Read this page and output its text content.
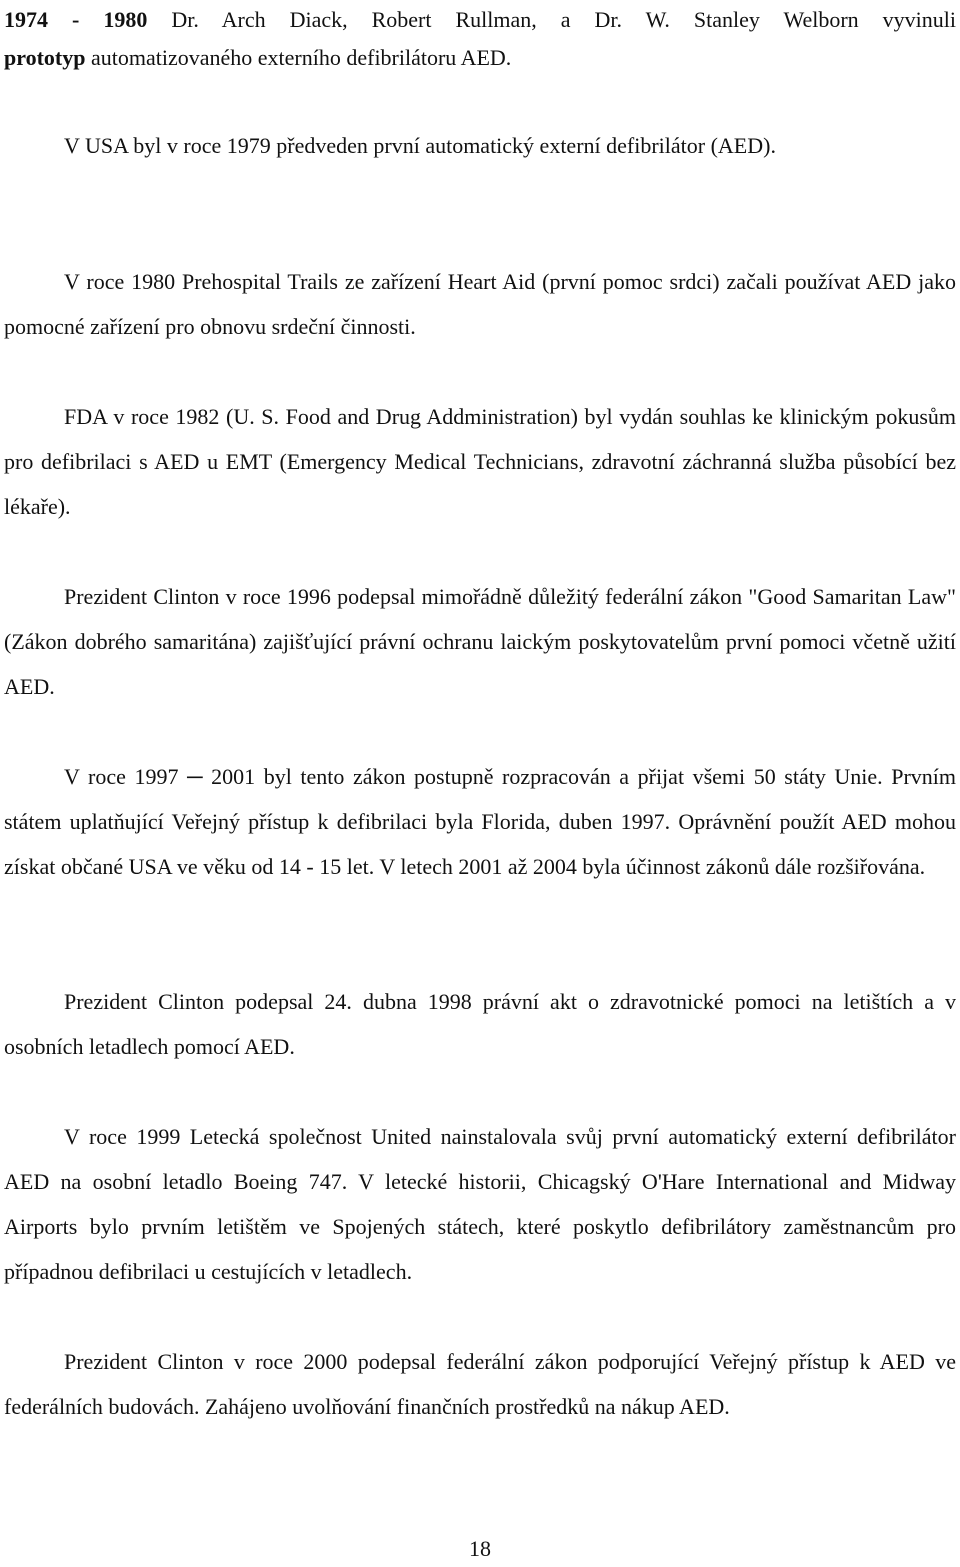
1974 - 1980 Dr. Arch Diack, Robert Rullman, a Dr. W. Stanley Welborn vyvinuli

prototyp automatizovaného externího defibrilátoru AED.

V USA byl v roce 1979 předveden první automatický externí defibrilátor (AED).

V roce 1980 Prehospital Trails ze zařízení Heart Aid (první pomoc srdci) začali používat AED jako pomocné zařízení pro obnovu srdeční činnosti.

FDA v roce 1982 (U. S. Food and Drug Addministration) byl vydán souhlas ke klinickým pokusům pro defibrilaci s AED u EMT (Emergency Medical Technicians, zdravotní záchranná služba působící bez lékaře).

Prezident Clinton v roce 1996 podepsal mimořádně důležitý federální zákon "Good Samaritan Law" (Zákon dobrého samaritána) zajišťující právní ochranu laickým poskytovatelům první pomoci včetně užití AED.

V roce 1997 ─ 2001 byl tento zákon postupně rozpracován a přijat všemi 50 státy Unie. Prvním státem uplatňující Veřejný přístup k defibrilaci byla Florida, duben 1997. Oprávnění použít AED mohou získat občané USA ve věku od 14 - 15 let. V letech 2001 až 2004 byla účinnost zákonů dále rozšiřována.

Prezident Clinton podepsal 24. dubna 1998 právní akt o zdravotnické pomoci na letištích a v osobních letadlech pomocí AED.

V roce 1999 Letecká společnost United nainstalovala svůj první automatický externí defibrilátor AED na osobní letadlo Boeing 747. V letecké historii, Chicagský O'Hare International and Midway Airports bylo prvním letištěm ve Spojených státech, které poskytlo defibrilátory zaměstnancům pro případnou defibrilaci u cestujících v letadlech.

Prezident Clinton v roce 2000 podepsal federální zákon podporující Veřejný přístup k AED ve federálních budovách. Zahájeno uvolňování finančních prostředků na nákup AED.

18
